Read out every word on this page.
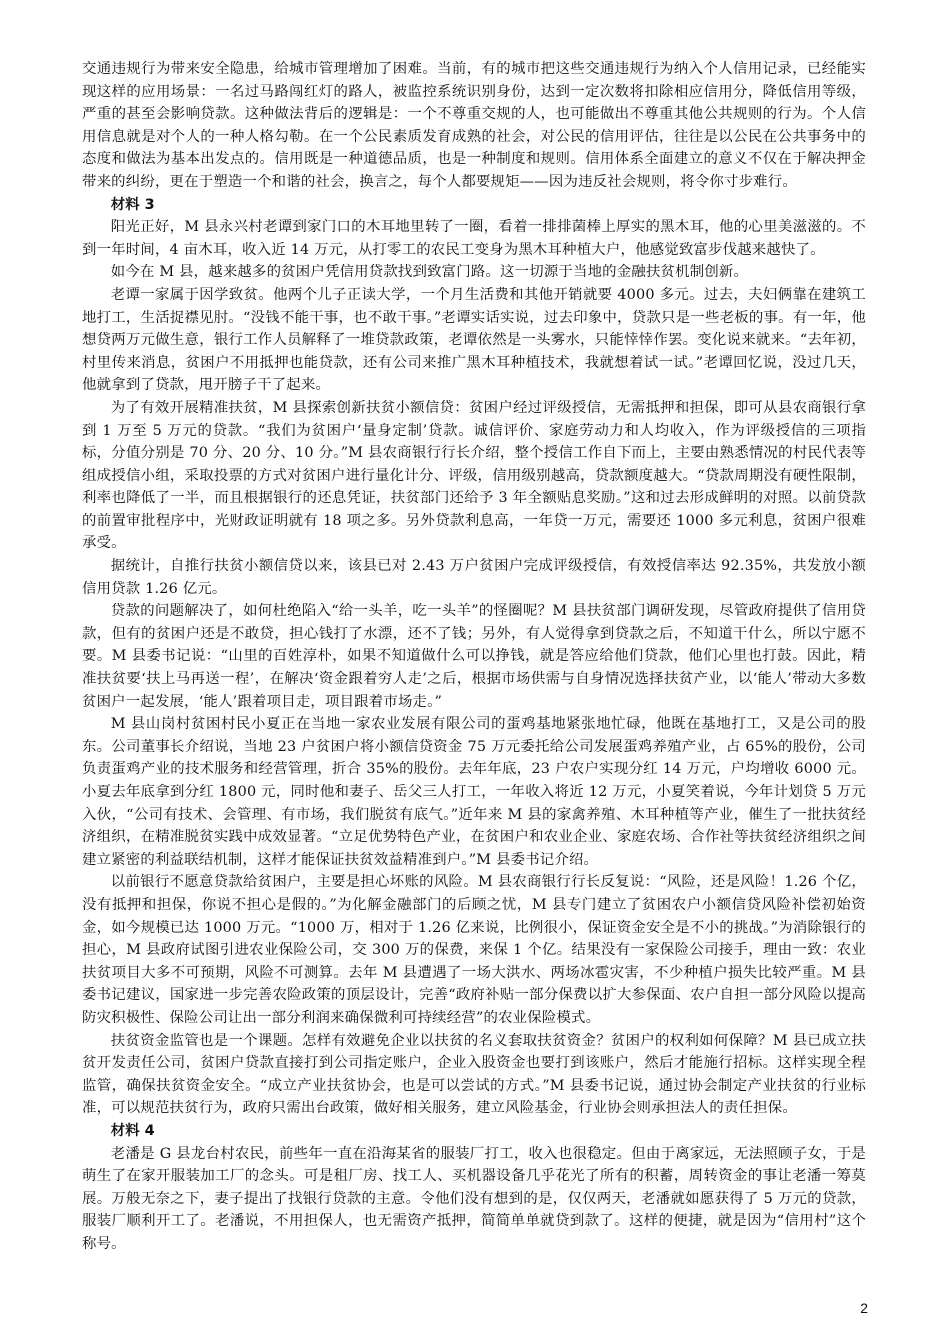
交通违规行为带来安全隐患，给城市管理增加了困难。当前，有的城市把这些交通违规行为纳入个人信用记录，已经能实现这样的应用场景：一名过马路闯红灯的路人，被监控系统识别身份，达到一定次数将扣除相应信用分，降低信用等级，严重的甚至会影响贷款。这种做法背后的逻辑是：一个不尊重交规的人，也可能做出不尊重其他公共规则的行为。个人信用信息就是对个人的一种人格勾勒。在一个公民素质发育成熟的社会，对公民的信用评估，往往是以公民在公共事务中的态度和做法为基本出发点的。信用既是一种道德品质，也是一种制度和规则。信用体系全面建立的意义不仅在于解决押金带来的纠纷，更在于塑造一个和谐的社会，换言之，每个人都要规矩——因为违反社会规则，将令你寸步难行。

材料 3

阳光正好，M 县永兴村老谭到家门口的木耳地里转了一圈，看着一排排菌棒上厚实的黑木耳，他的心里美滋滋的。不到一年时间，4 亩木耳，收入近 14 万元，从打零工的农民工变身为黑木耳种植大户，他感觉致富步伐越来越快了。

如今在 M 县，越来越多的贫困户凭信用贷款找到致富门路。这一切源于当地的金融扶贫机制创新。

老谭一家属于因学致贫。他两个儿子正读大学，一个月生活费和其他开销就要 4000 多元。过去，夫妇俩靠在建筑工地打工，生活捉襟见肘。“没钱不能干事，也不敢干事。”老谭实话实说，过去印象中，贷款只是一些老板的事。有一年，他想贷两万元做生意，银行工作人员解释了一堆贷款政策，老谭依然是一头雾水，只能悻悻作罢。变化说来就来。“去年初，村里传来消息，贫困户不用抵押也能贷款，还有公司来推广黑木耳种植技术，我就想着试一试。”老谭回忆说，没过几天，他就拿到了贷款，甩开膀子干了起来。

为了有效开展精准扶贫，M 县探索创新扶贫小额信贷：贫困户经过评级授信，无需抵押和担保，即可从县农商银行拿到 1 万至 5 万元的贷款。“我们为贫困户‘量身定制’贷款。诚信评价、家庭劳动力和人均收入，作为评级授信的三项指标，分值分别是 70 分、20 分、10 分。”M 县农商银行行长介绍，整个授信工作自下而上，主要由熟悉情况的村民代表等组成授信小组，采取投票的方式对贫困户进行量化计分、评级，信用级别越高，贷款额度越大。“贷款周期没有硬性限制，利率也降低了一半，而且根据银行的还息凭证，扶贫部门还给予 3 年全额贴息奖励。”这和过去形成鲜明的对照。以前贷款的前置审批程序中，光财政证明就有 18 项之多。另外贷款利息高，一年贷一万元，需要还 1000 多元利息，贫困户很难承受。

据统计，自推行扶贫小额信贷以来，该县已对 2.43 万户贫困户完成评级授信，有效授信率达 92.35%，共发放小额信用贷款 1.26 亿元。

贷款的问题解决了，如何杜绝陷入“给一头羊，吃一头羊”的怪圈呢？M 县扶贫部门调研发现，尽管政府提供了信用贷款，但有的贫困户还是不敢贷，担心钱打了水漂，还不了钱；另外，有人觉得拿到贷款之后，不知道干什么，所以宁愿不要。M 县委书记说：“山里的百姓淳朴，如果不知道做什么可以挣钱，就是答应给他们贷款，他们心里也打鼓。因此，精准扶贫要‘扶上马再送一程’，在解决‘资金跟着穷人走’之后，根据市场供需与自身情况选择扶贫产业，以‘能人’带动大多数贫困户一起发展，‘能人’跟着项目走，项目跟着市场走。”

M 县山岗村贫困村民小夏正在当地一家农业发展有限公司的蛋鸡基地紧张地忙碌，他既在基地打工，又是公司的股东。公司董事长介绍说，当地 23 户贫困户将小额信贷资金 75 万元委托给公司发展蛋鸡养殖产业，占 65%的股份，公司负责蛋鸡产业的技术服务和经营管理，折合 35%的股份。去年年底，23 户农户实现分红 14 万元，户均增收 6000 元。小夏去年底拿到分红 1800 元，同时他和妻子、岳父三人打工，一年收入将近 12 万元，小夏笑着说，今年计划贷 5 万元入伙，“公司有技术、会管理、有市场，我们脱贫有底气。”近年来 M 县的家禽养殖、木耳种植等产业，催生了一批扶贫经济组织，在精准脱贫实践中成效显著。“立足优势特色产业，在贫困户和农业企业、家庭农场、合作社等扶贫经济组织之间建立紧密的利益联结机制，这样才能保证扶贫效益精准到户。”M 县委书记介绍。

以前银行不愿意贷款给贫困户，主要是担心坏账的风险。M 县农商银行行长反复说：“风险，还是风险！1.26 个亿，没有抵押和担保，你说不担心是假的。”为化解金融部门的后顾之忧，M 县专门建立了贫困农户小额信贷风险补偿初始资金，如今规模已达 1000 万元。“1000 万，相对于 1.26 亿来说，比例很小，保证资金安全是不小的挑战。”为消除银行的担心，M 县政府试图引进农业保险公司，交 300 万的保费，来保 1 个亿。结果没有一家保险公司接手，理由一致：农业扶贫项目大多不可预期，风险不可测算。去年 M 县遭遇了一场大洪水、两场冰雹灾害，不少种植户损失比较严重。M 县委书记建议，国家进一步完善农险政策的顶层设计，完善“政府补贴一部分保费以扩大参保面、农户自担一部分风险以提高防灾积极性、保险公司让出一部分利润来确保微利可持续经营”的农业保险模式。

扶贫资金监管也是一个课题。怎样有效避免企业以扶贫的名义套取扶贫资金？贫困户的权利如何保障？M 县已成立扶贫开发责任公司，贫困户贷款直接打到公司指定账户，企业入股资金也要打到该账户，然后才能施行招标。这样实现全程监管，确保扶贫资金安全。“成立产业扶贫协会，也是可以尝试的方式。”M 县委书记说，通过协会制定产业扶贫的行业标准，可以规范扶贫行为，政府只需出台政策，做好相关服务，建立风险基金，行业协会则承担法人的责任担保。

材料 4

老潘是 G 县龙台村农民，前些年一直在沿海某省的服装厂打工，收入也很稳定。但由于离家远，无法照顾子女，于是萌生了在家开服装加工厂的念头。可是租厂房、找工人、买机器设备几乎花光了所有的积蓄，周转资金的事让老潘一筹莫展。万般无奈之下，妻子提出了找银行贷款的主意。令他们没有想到的是，仅仅两天，老潘就如愿获得了 5 万元的贷款，服装厂顺利开工了。老潘说，不用担保人，也无需资产抵押，简简单单就贷到款了。这样的便捷，就是因为“信用村”这个称号。

2
